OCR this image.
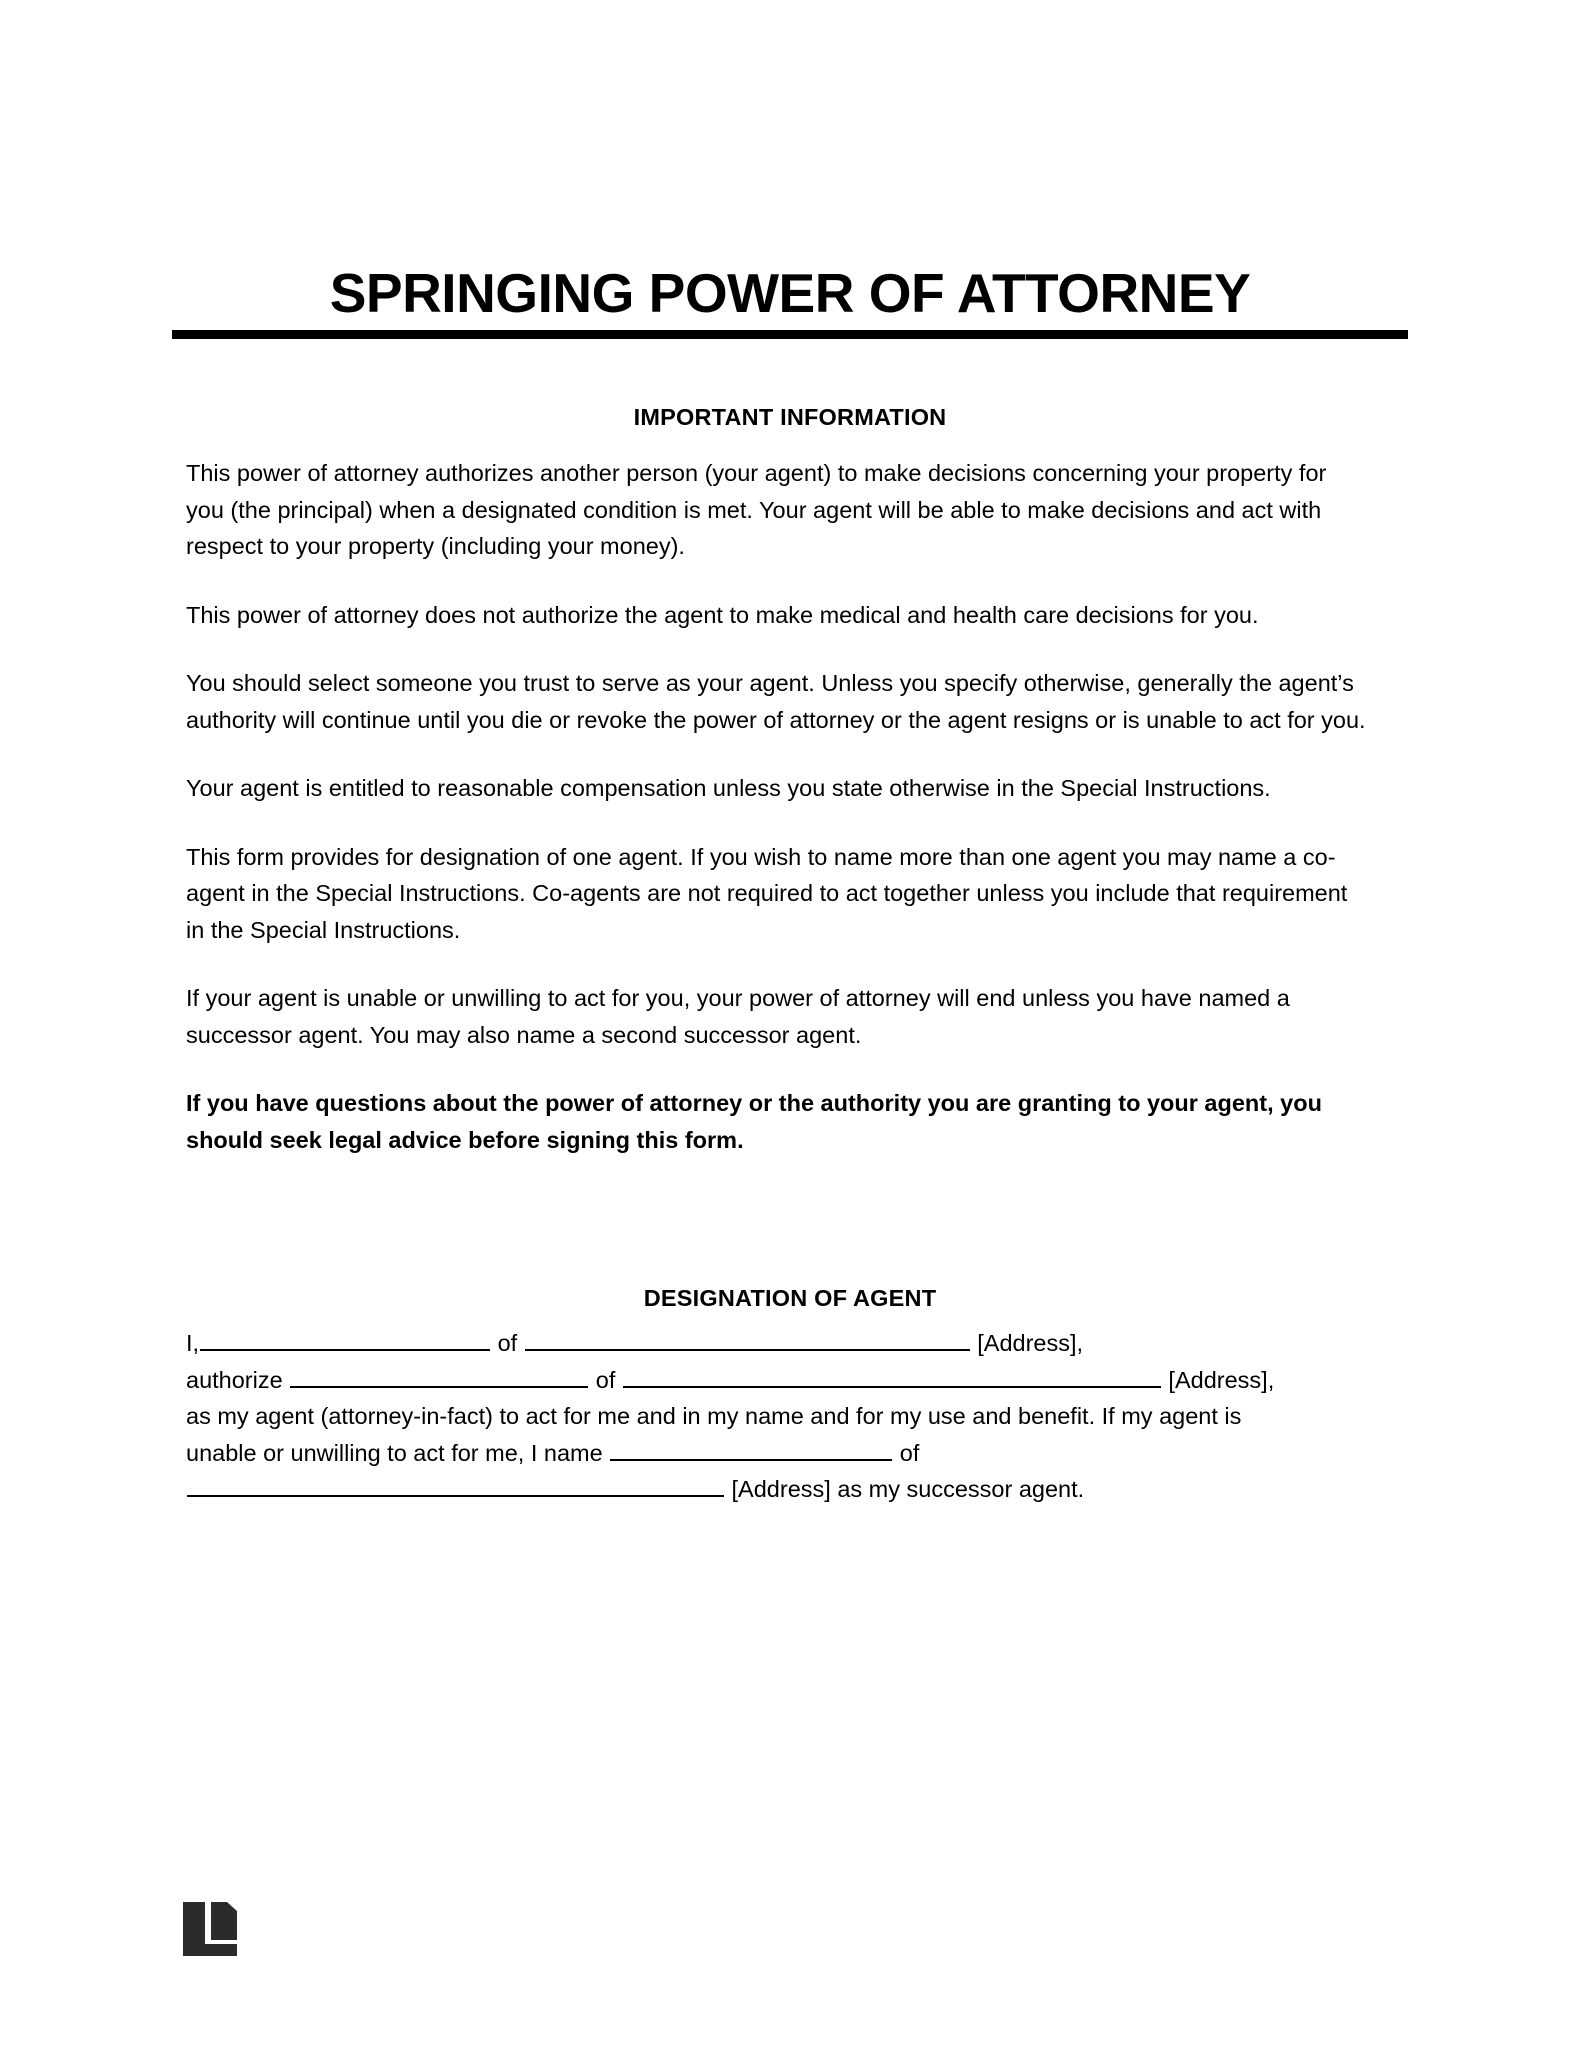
SPRINGING POWER OF ATTORNEY
IMPORTANT INFORMATION

This power of attorney authorizes another person (your agent) to make decisions concerning your property for you (the principal) when a designated condition is met. Your agent will be able to make decisions and act with respect to your property (including your money).

This power of attorney does not authorize the agent to make medical and health care decisions for you.

You should select someone you trust to serve as your agent. Unless you specify otherwise, generally the agent’s authority will continue until you die or revoke the power of attorney or the agent resigns or is unable to act for you.

Your agent is entitled to reasonable compensation unless you state otherwise in the Special Instructions.

This form provides for designation of one agent. If you wish to name more than one agent you may name a co-agent in the Special Instructions. Co-agents are not required to act together unless you include that requirement in the Special Instructions.

If your agent is unable or unwilling to act for you, your power of attorney will end unless you have named a successor agent. You may also name a second successor agent.

If you have questions about the power of attorney or the authority you are granting to your agent, you should seek legal advice before signing this form.

DESIGNATION OF AGENT

I,	of	[Address],

authorize	of	[Address],

as my agent (attorney-in-fact) to act for me and in my name and for my use and benefit. If my agent is

unable or unwilling to act for me, I name	of

[Address] as my successor agent.
